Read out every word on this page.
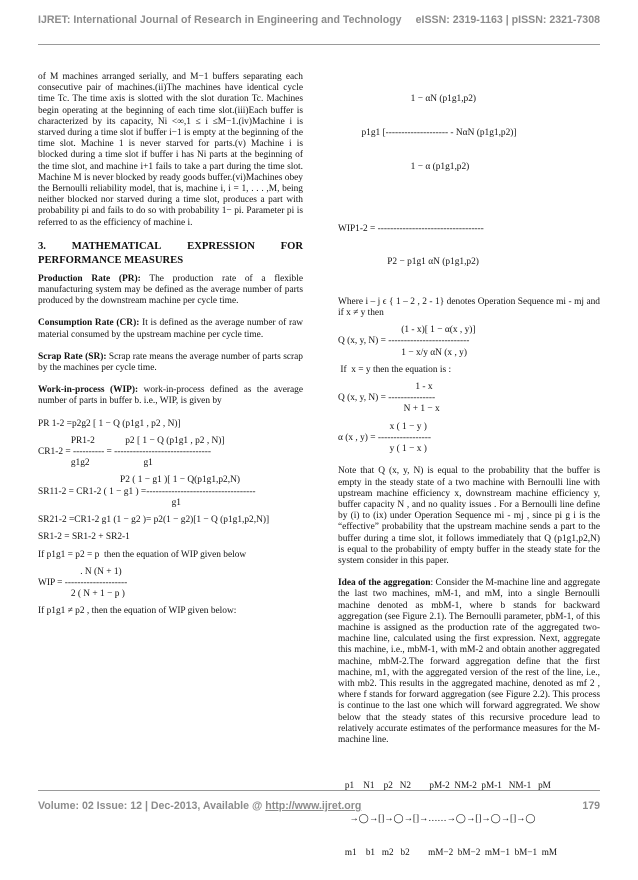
IJRET: International Journal of Research in Engineering and Technology eISSN: 2319-1163 | pISSN: 2321-7308

of M machines arranged serially, and M−1 buffers separating each consecutive pair of machines.(ii)The machines have identical cycle time Tc. The time axis is slotted with the slot duration Tc. Machines begin operating at the beginning of each time slot.(iii)Each buffer is characterized by its capacity, Ni <∞,1 ≤ i ≤M−1.(iv)Machine i is starved during a time slot if buffer i−1 is empty at the beginning of the time slot. Machine 1 is never starved for parts.(v) Machine i is blocked during a time slot if buffer i has Ni parts at the beginning of the time slot, and machine i+1 fails to take a part during the time slot. Machine M is never blocked by ready goods buffer.(vi)Machines obey the Bernoulli reliability model, that is, machine i, i = 1, . . . ,M, being neither blocked nor starved during a time slot, produces a part with probability pi and fails to do so with probability 1− pi. Parameter pi is referred to as the efficiency of machine i.

3. MATHEMATICAL EXPRESSION FOR
PERFORMANCE MEASURES

Production Rate (PR): The production rate of a flexible manufacturing system may be defined as the average number of parts produced by the downstream machine per cycle time.

Consumption Rate (CR): It is defined as the average number of raw material consumed by the upstream machine per cycle time.

Scrap Rate (SR): Scrap rate means the average number of parts scrap by the machines per cycle time.

Work-in-process (WIP): work-in-process defined as the average number of parts in buffer b. i.e., WIP, is given by

PR 1-2 =p2g2 [ 1 − Q (p1g1 , p2 , N)]
PR1-2             p2 [ 1 − Q (p1g1 , p2 , N)]
CR1-2 = ---------- = -------------------------------
g1g2                       g1
P2 ( 1 − g1 )[ 1 − Q(p1g1,p2,N)
SR11-2 = CR1-2 ( 1 − g1 ) =-----------------------------------
g1
SR21-2 =CR1-2 g1 (1 − g2 )= p2(1 − g2)[1 − Q (p1g1,p2,N)]
SR1-2 = SR1-2 + SR2-1
If p1g1 = p2 = p  then the equation of WIP given below
. N (N + 1)
WIP = --------------------
2 ( N + 1 − p )
If p1g1 ≠ p2 , then the equation of WIP given below:

1 − αN (p1g1,p2)

p1g1 [-------------------- - NαN (p1g1,p2)]

1 − α (p1g1,p2)

WIP1-2 = ----------------------------------

P2 − p1g1 αN (p1g1,p2)

Where i – j ϵ { 1 – 2 , 2 - 1} denotes Operation Sequence mi - mj and if x ≠ y then

(1 - x)[ 1 − α(x , y)]
Q (x, y, N) = --------------------------
1 − x/y αN (x , y)
If  x = y then the equation is :
1 - x
Q (x, y, N) = ---------------
N + 1 − x
x ( 1 − y )
α (x , y) = -----------------
y ( 1 − x )

Note that Q (x, y, N) is equal to the probability that the buffer is empty in the steady state of a two machine with Bernoulli line with upstream machine efficiency x, downstream machine efficiency y, buffer capacity N , and no quality issues . For a Bernoulli line define by (i) to (ix) under Operation Sequence mi - mj , since pi g i is the “effective” probability that the upstream machine sends a part to the buffer during a time slot, it follows immediately that Q (p1g1,p2,N) is equal to the probability of empty buffer in the steady state for the system consider in this paper.

Idea of the aggregation: Consider the M-machine line and aggregate the last two machines, mM-1, and mM, into a single Bernoulli machine denoted as mbM-1, where b stands for backward aggregation (see Figure 2.1). The Bernoulli parameter, pbM-1, of this machine is assigned as the production rate of the aggregated two-machine line, calculated using the first expression. Next, aggregate this machine, i.e., mbM-1, with mM-2 and obtain another aggregated machine, mbM-2.The forward aggregation define that the first machine, m1, with the aggregated version of the rest of the line, i.e., with mb2. This results in the aggregated machine, denoted as mf 2 , where f stands for forward aggregation (see Figure 2.2). This process is continue to the last one which will forward aggregrated. We show below that the steady states of this recursive procedure lead to relatively accurate estimates of the performance measures for the M-machine line.

p1    N1    p2   N2        pM-2  NM-2  pM-1   NM-1   pM

→◯→[]→◯→[]→……→◯→[]→◯→[]→◯

m1    b1   m2   b2        mM−2  bM−2  mM−1  bM−1  mM

Volume: 02 Issue: 12 | Dec-2013, Available @ http://www.ijret.org	179
